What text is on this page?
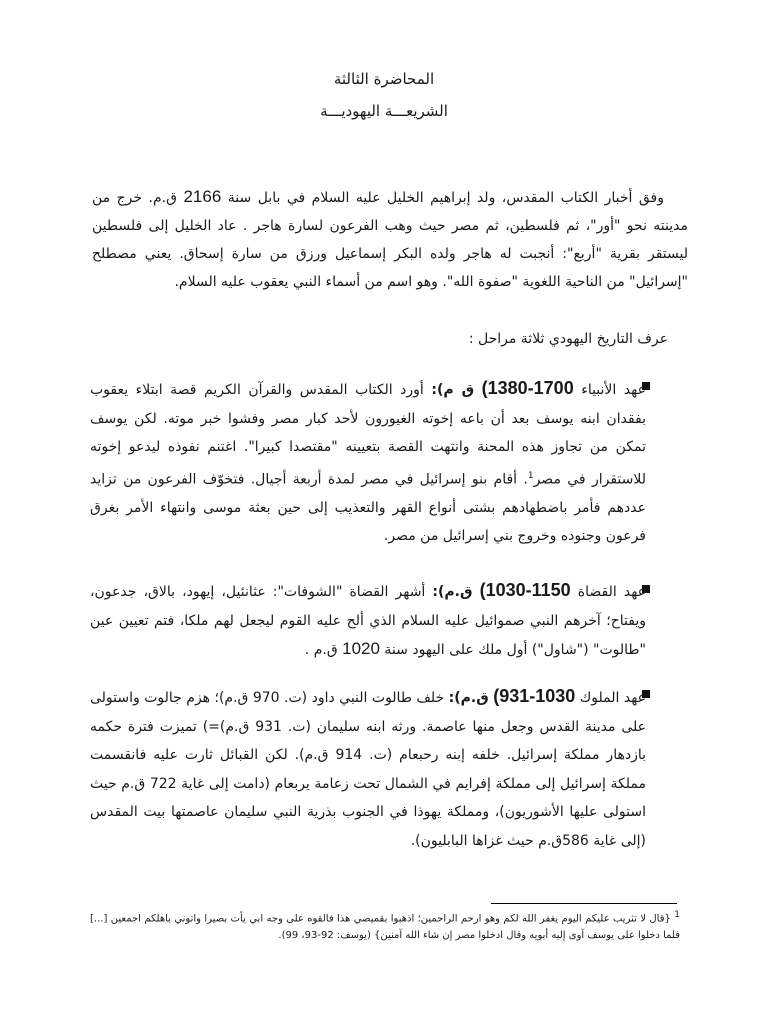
المحاضرة الثالثة
الشريعـــة اليهوديـــة
وفق أخبار الكتاب المقدس، ولد إبراهيم الخليل عليه السلام في بابل سنة 2166 ق.م. خرج من مدينته نحو "أور"، ثم فلسطين، ثم مصر حيث وهب الفرعون لسارة هاجر . عاد الخليل إلى فلسطين ليستقر بقرية "أربع": أنجبت له هاجر ولده البكر إسماعيل ورزق من سارة إسحاق. يعني مصطلح "إسرائيل" من الناحية اللغوية "صفوة الله". وهو اسم من أسماء النبي يعقوب عليه السلام.
عرف التاريخ اليهودي ثلاثة مراحل :
عهد الأنبياء (1380-1700 ق م): أورد الكتاب المقدس والقرآن الكريم قصة ابتلاء يعقوب بفقدان ابنه يوسف بعد أن باعه إخوته الغيورون لأحد كبار مصر وفشوا خبر موته. لكن يوسف تمكن من تجاوز هذه المحنة وانتهت القصة بتعيينه "مقتصدا كبيرا". اغتنم نفوذه ليدعو إخوته للاستقرار في مصر$^1$. أقام بنو إسرائيل في مصر لمدة أربعة أجيال. فتخوّف الفرعون من تزايد عددهم فأمر باضطهادهم بشتى أنواع القهر والتعذيب إلى حين بعثة موسى وانتهاء الأمر بغرق فرعون وجنوده وخروج بني إسرائيل من مصر.
عهد القضاة (1030-1150 ق.م): أشهر القضاة "الشوفات": عثانئيل، إيهود، بالاق، جدعون، ويفتاح؛ آخرهم النبي صموائيل عليه السلام الذي ألح عليه القوم ليجعل لهم ملكا، فتم تعيين عين "طالوت" ("شاول") أول ملك على اليهود سنة 1020 ق.م .
عهد الملوك (931-1030 ق.م): خلف طالوت النبي داود (ت. 970 ق.م)؛ هزم جالوت واستولى على مدينة القدس وجعل منها عاصمة. ورثه ابنه سليمان (ت. 931 ق.م)=) تميزت فترة حكمه بازدهار مملكة إسرائيل. خلفه إبنه رحبعام (ت. 914 ق.م). لكن القبائل ثارت عليه فانقسمت مملكة إسرائيل إلى مملكة إفرايم في الشمال تحت زعامة يربعام (دامت إلى غاية 722 ق.م حيث استولى عليها الأشوريون)، ومملكة يهوذا في الجنوب بذرية النبي سليمان عاصمتها بيت المقدس (إلى غاية 586ق.م حيث غزاها البابليون).
$^1$ {قال لا تثريب عليكم اليوم يغفر الله لكم وهو ارحم الراحمين؛ اذهبوا بقميصي هذا فالقوه على وجه ابي يأت بصيرا واتوني باهلكم اجمعين [...] فلما دخلوا على يوسف آوى إليه أبويه وقال ادخلوا مصر إن شاء الله آمنين} (يوسف: 92-93، 99).
